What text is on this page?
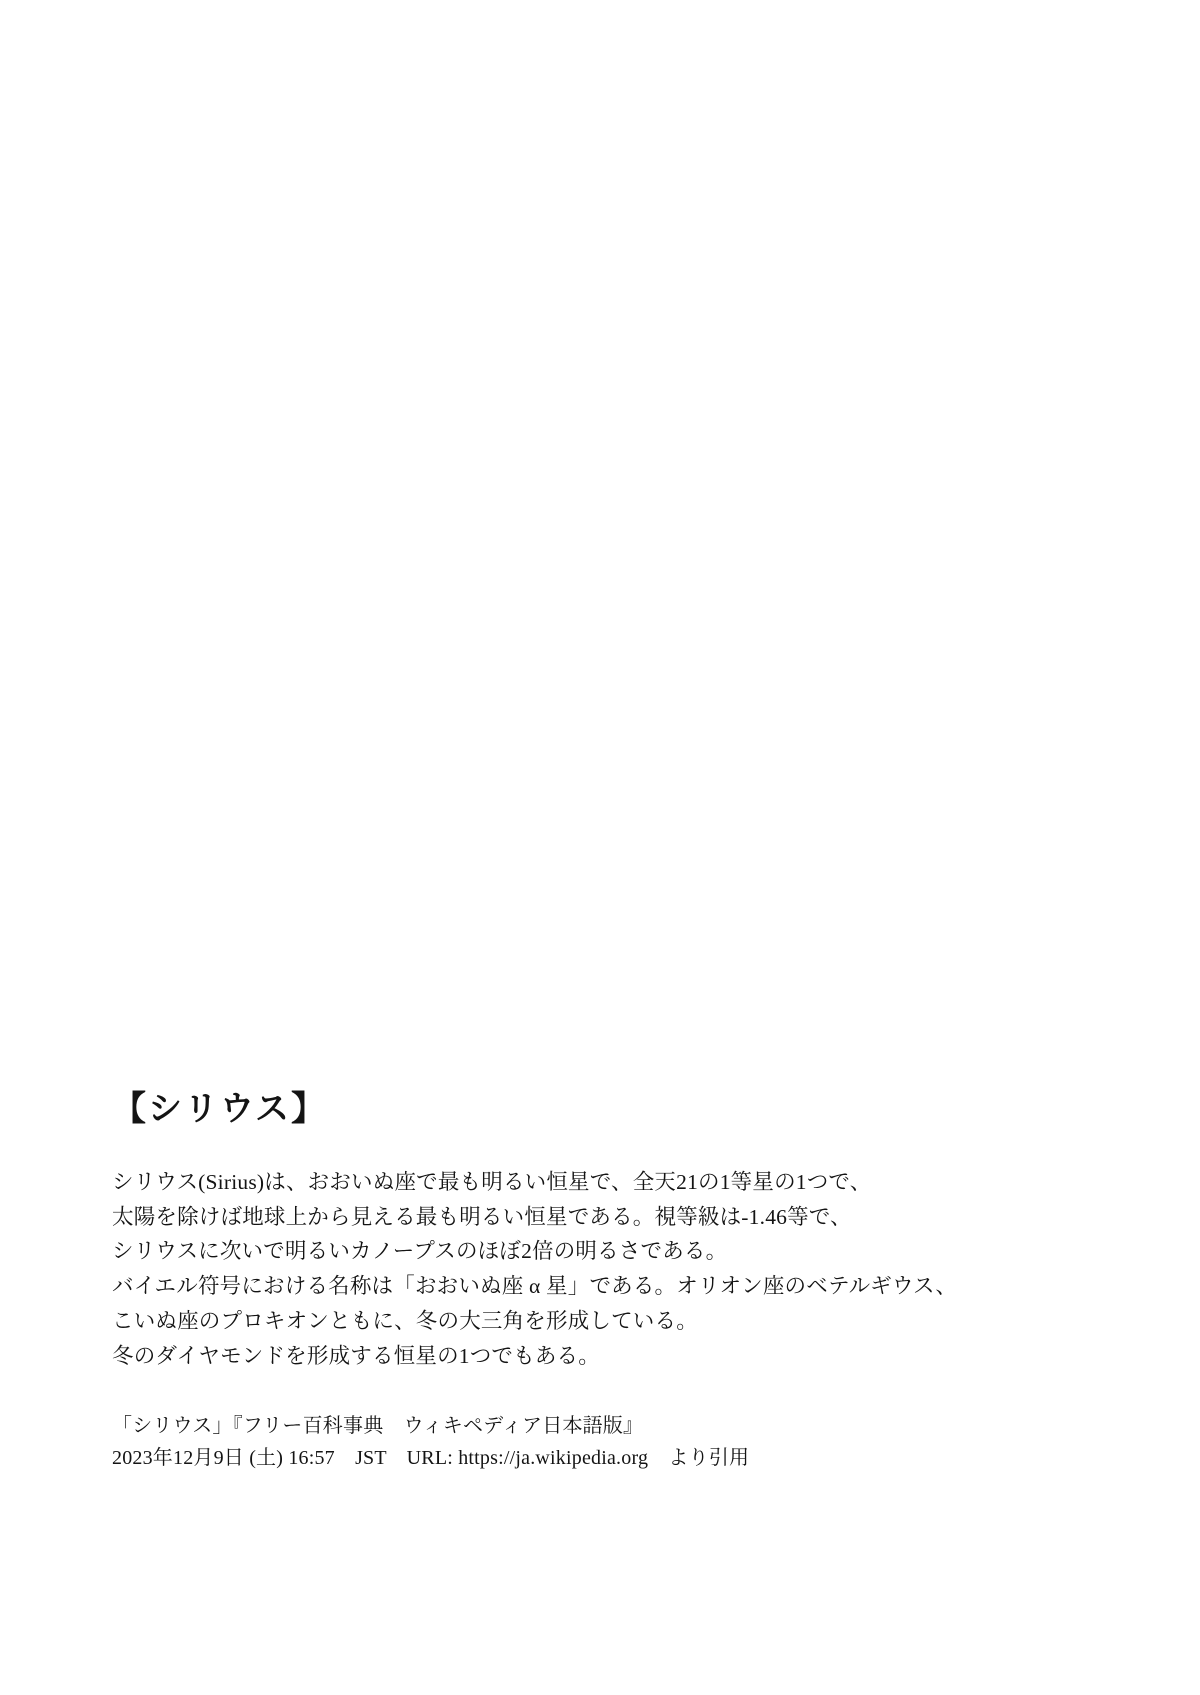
【シリウス】
シリウス(Sirius)は、おおいぬ座で最も明るい恒星で、全天21の1等星の1つで、
太陽を除けば地球上から見える最も明るい恒星である。視等級は-1.46等で、
シリウスに次いで明るいカノープスのほぼ2倍の明るさである。
バイエル符号における名称は「おおいぬ座 α 星」である。オリオン座のベテルギウス、
こいぬ座のプロキオンともに、冬の大三角を形成している。
冬のダイヤモンドを形成する恒星の1つでもある。
「シリウス」『フリー百科事典　ウィキペディア日本語版』
2023年12月9日 (土) 16:57　JST　URL: https://ja.wikipedia.org　より引用
